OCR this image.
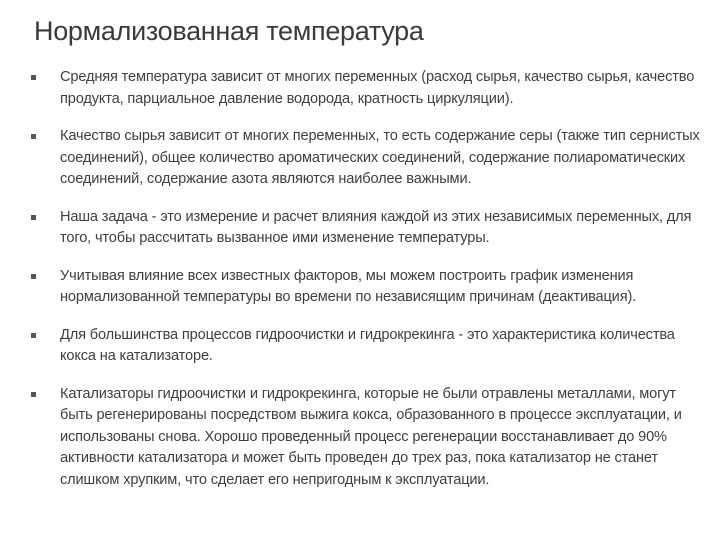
Нормализованная температура
Средняя температура зависит от многих переменных (расход сырья, качество сырья, качество продукта, парциальное давление водорода, кратность циркуляции).
Качество сырья зависит от многих переменных, то есть содержание серы (также тип сернистых соединений), общее количество ароматических соединений, содержание полиароматических соединений, содержание азота являются наиболее важными.
Наша задача - это измерение и расчет влияния каждой из этих независимых переменных, для того, чтобы рассчитать вызванное ими изменение температуры.
Учитывая влияние всех известных факторов, мы можем построить график изменения нормализованной температуры во времени по независящим причинам (деактивация).
Для большинства процессов гидроочистки и гидрокрекинга - это характеристика количества кокса на катализаторе.
Катализаторы гидроочистки и гидрокрекинга, которые не были отравлены металлами, могут быть регенерированы посредством выжига кокса, образованного в процессе эксплуатации, и использованы снова. Хорошо проведенный процесс регенерации восстанавливает до 90% активности катализатора и может быть проведен до трех раз, пока катализатор не станет слишком хрупким, что сделает его непригодным к эксплуатации.
